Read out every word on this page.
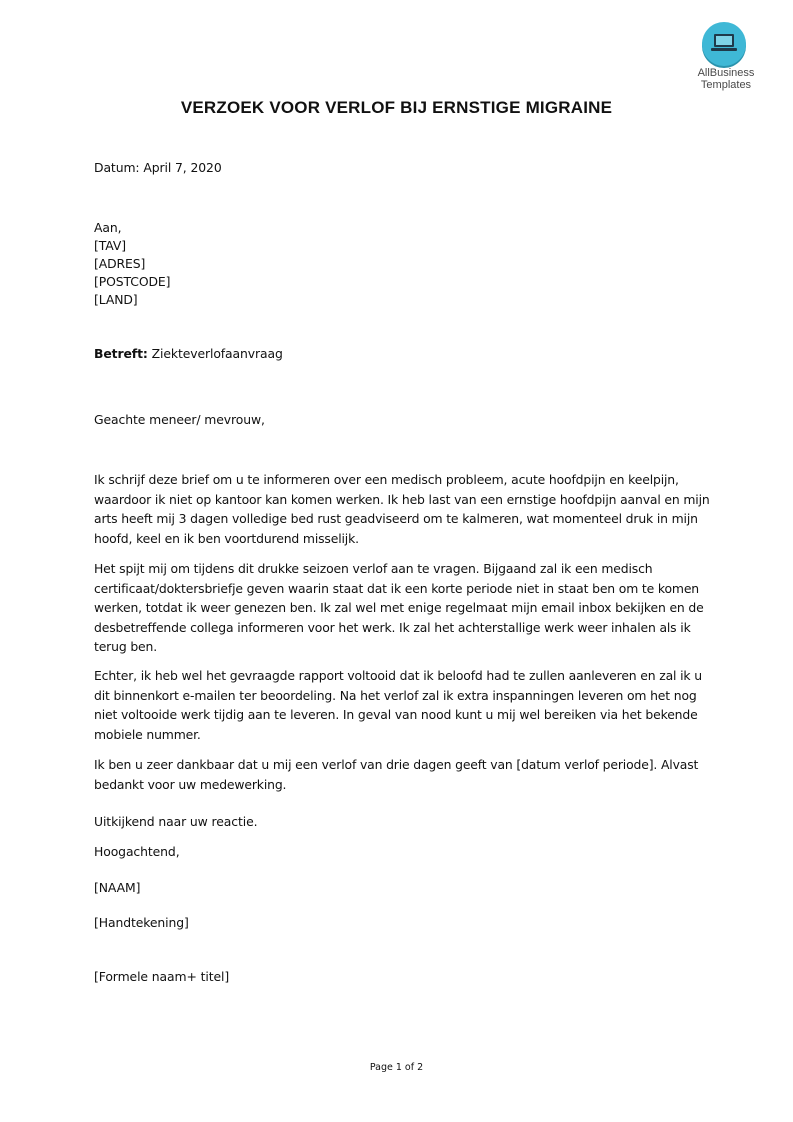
AllBusiness
Templates
VERZOEK VOOR VERLOF BIJ ERNSTIGE MIGRAINE
Datum: April 7, 2020
Aan,
[TAV]
[ADRES]
[POSTCODE]
[LAND]
Betreft: Ziekteverlofaanvraag
Geachte meneer/ mevrouw,
Ik schrijf deze brief om u te informeren over een medisch probleem, acute hoofdpijn en keelpijn,
waardoor ik niet op kantoor kan komen werken. Ik heb last van een ernstige hoofdpijn aanval en mijn
arts heeft mij 3 dagen volledige bed rust geadviseerd om te kalmeren, wat momenteel druk in mijn
hoofd, keel en ik ben voortdurend misselijk.
Het spijt mij om tijdens dit drukke seizoen verlof aan te vragen. Bijgaand zal ik een medisch
certificaat/doktersbriefje geven waarin staat dat ik een korte periode niet in staat ben om te komen
werken, totdat ik weer genezen ben. Ik zal wel met enige regelmaat mijn email inbox bekijken en de
desbetreffende collega informeren voor het werk. Ik zal het achterstallige werk weer inhalen als ik
terug ben.
Echter, ik heb wel het gevraagde rapport voltooid dat ik beloofd had te zullen aanleveren en zal ik u
dit binnenkort e-mailen ter beoordeling. Na het verlof zal ik extra inspanningen leveren om het nog
niet voltooide werk tijdig aan te leveren. In geval van nood kunt u mij wel bereiken via het bekende
mobiele nummer.
Ik ben u zeer dankbaar dat u mij een verlof van drie dagen geeft van [datum verlof periode]. Alvast
bedankt voor uw medewerking.
Uitkijkend naar uw reactie.
Hoogachtend,
[NAAM]
[Handtekening]
[Formele naam+ titel]
Page 1 of 2
